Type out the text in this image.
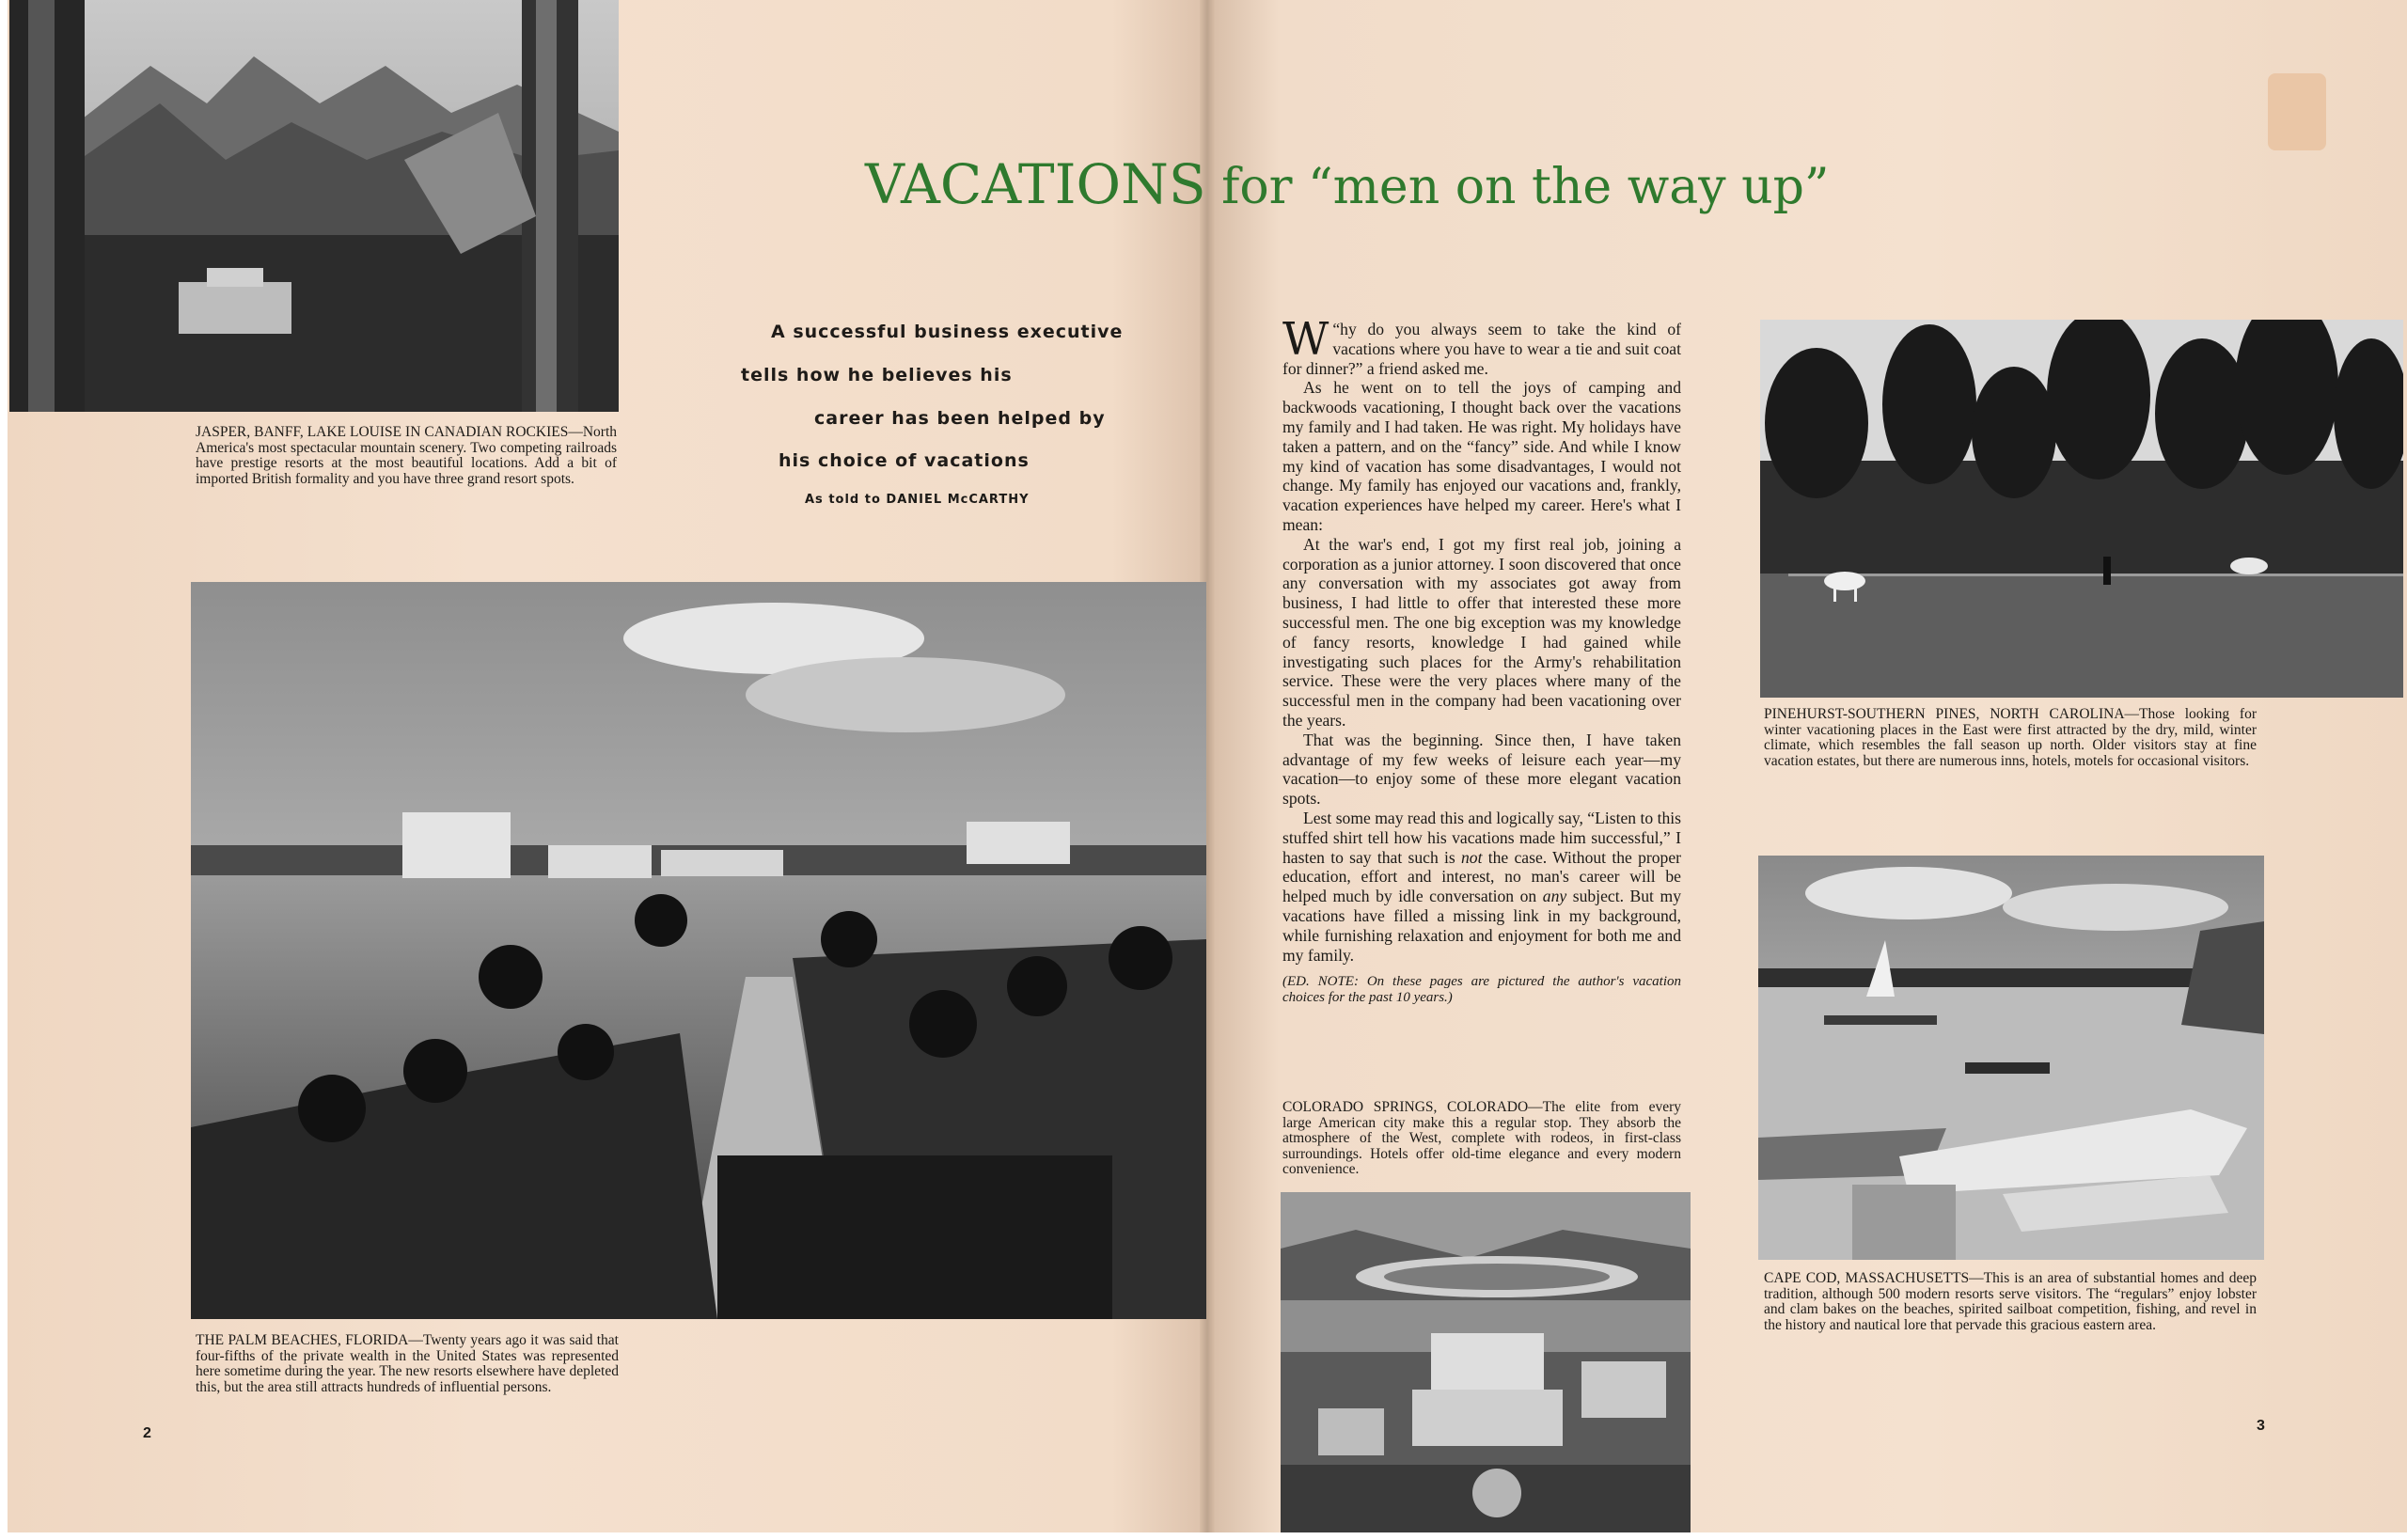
JASPER, BANFF, LAKE LOUISE IN CANADIAN ROCKIES—North America's most spectacular mountain scenery. Two competing railroads have prestige resorts at the most beautiful locations. Add a bit of imported British formality and you have three grand resort spots.
VACATIONS for “men on the way up”
A successful business executive
tells how he believes his
career has been helped by
his choice of vacations
As told to DANIEL McCARTHY
THE PALM BEACHES, FLORIDA—Twenty years ago it was said that four-fifths of the private wealth in the United States was represented here sometime during the year. The new resorts elsewhere have depleted this, but the area still attracts hundreds of influential persons.
2

“
W hy do you always seem to take the kind of vacations where you have to wear a tie and suit coat for dinner?” a friend asked me.

As he went on to tell the joys of camping and backwoods vacationing, I thought back over the vacations my family and I had taken. He was right. My holidays have taken a pattern, and on the “fancy” side. And while I know my kind of vacation has some disadvantages, I would not change. My family has enjoyed our vacations and, frankly, vacation experiences have helped my career. Here's what I mean:

At the war's end, I got my first real job, joining a corporation as a junior attorney. I soon discovered that once any conversation with my associates got away from business, I had little to offer that interested these more successful men. The one big exception was my knowledge of fancy resorts, knowledge I had gained while investigating such places for the Army's rehabilitation service. These were the very places where many of the successful men in the company had been vacationing over the years.

That was the beginning. Since then, I have taken advantage of my few weeks of leisure each year—my vacation—to enjoy some of these more elegant vacation spots.

Lest some may read this and logically say, “Listen to this stuffed shirt tell how his vacations made him successful,” I hasten to say that such is not the case. Without the proper education, effort and interest, no man's career will be helped much by idle conversation on any subject. But my vacations have filled a missing link in my background, while furnishing relaxation and enjoyment for both me and my family.

(ED. NOTE: On these pages are pictured the author's vacation choices for the past 10 years.)

COLORADO SPRINGS, COLORADO—The elite from every large American city make this a regular stop. They absorb the atmosphere of the West, complete with rodeos, in first-class surroundings. Hotels offer old-time elegance and every modern convenience.
PINEHURST-SOUTHERN PINES, NORTH CAROLINA—Those looking for winter vacationing places in the East were first attracted by the dry, mild, winter climate, which resembles the fall season up north. Older visitors stay at fine vacation estates, but there are numerous inns, hotels, motels for occasional visitors.
CAPE COD, MASSACHUSETTS—This is an area of substantial homes and deep tradition, although 500 modern resorts serve visitors. The “regulars” enjoy lobster and clam bakes on the beaches, spirited sailboat competition, fishing, and revel in the history and nautical lore that pervade this gracious eastern area.
3
